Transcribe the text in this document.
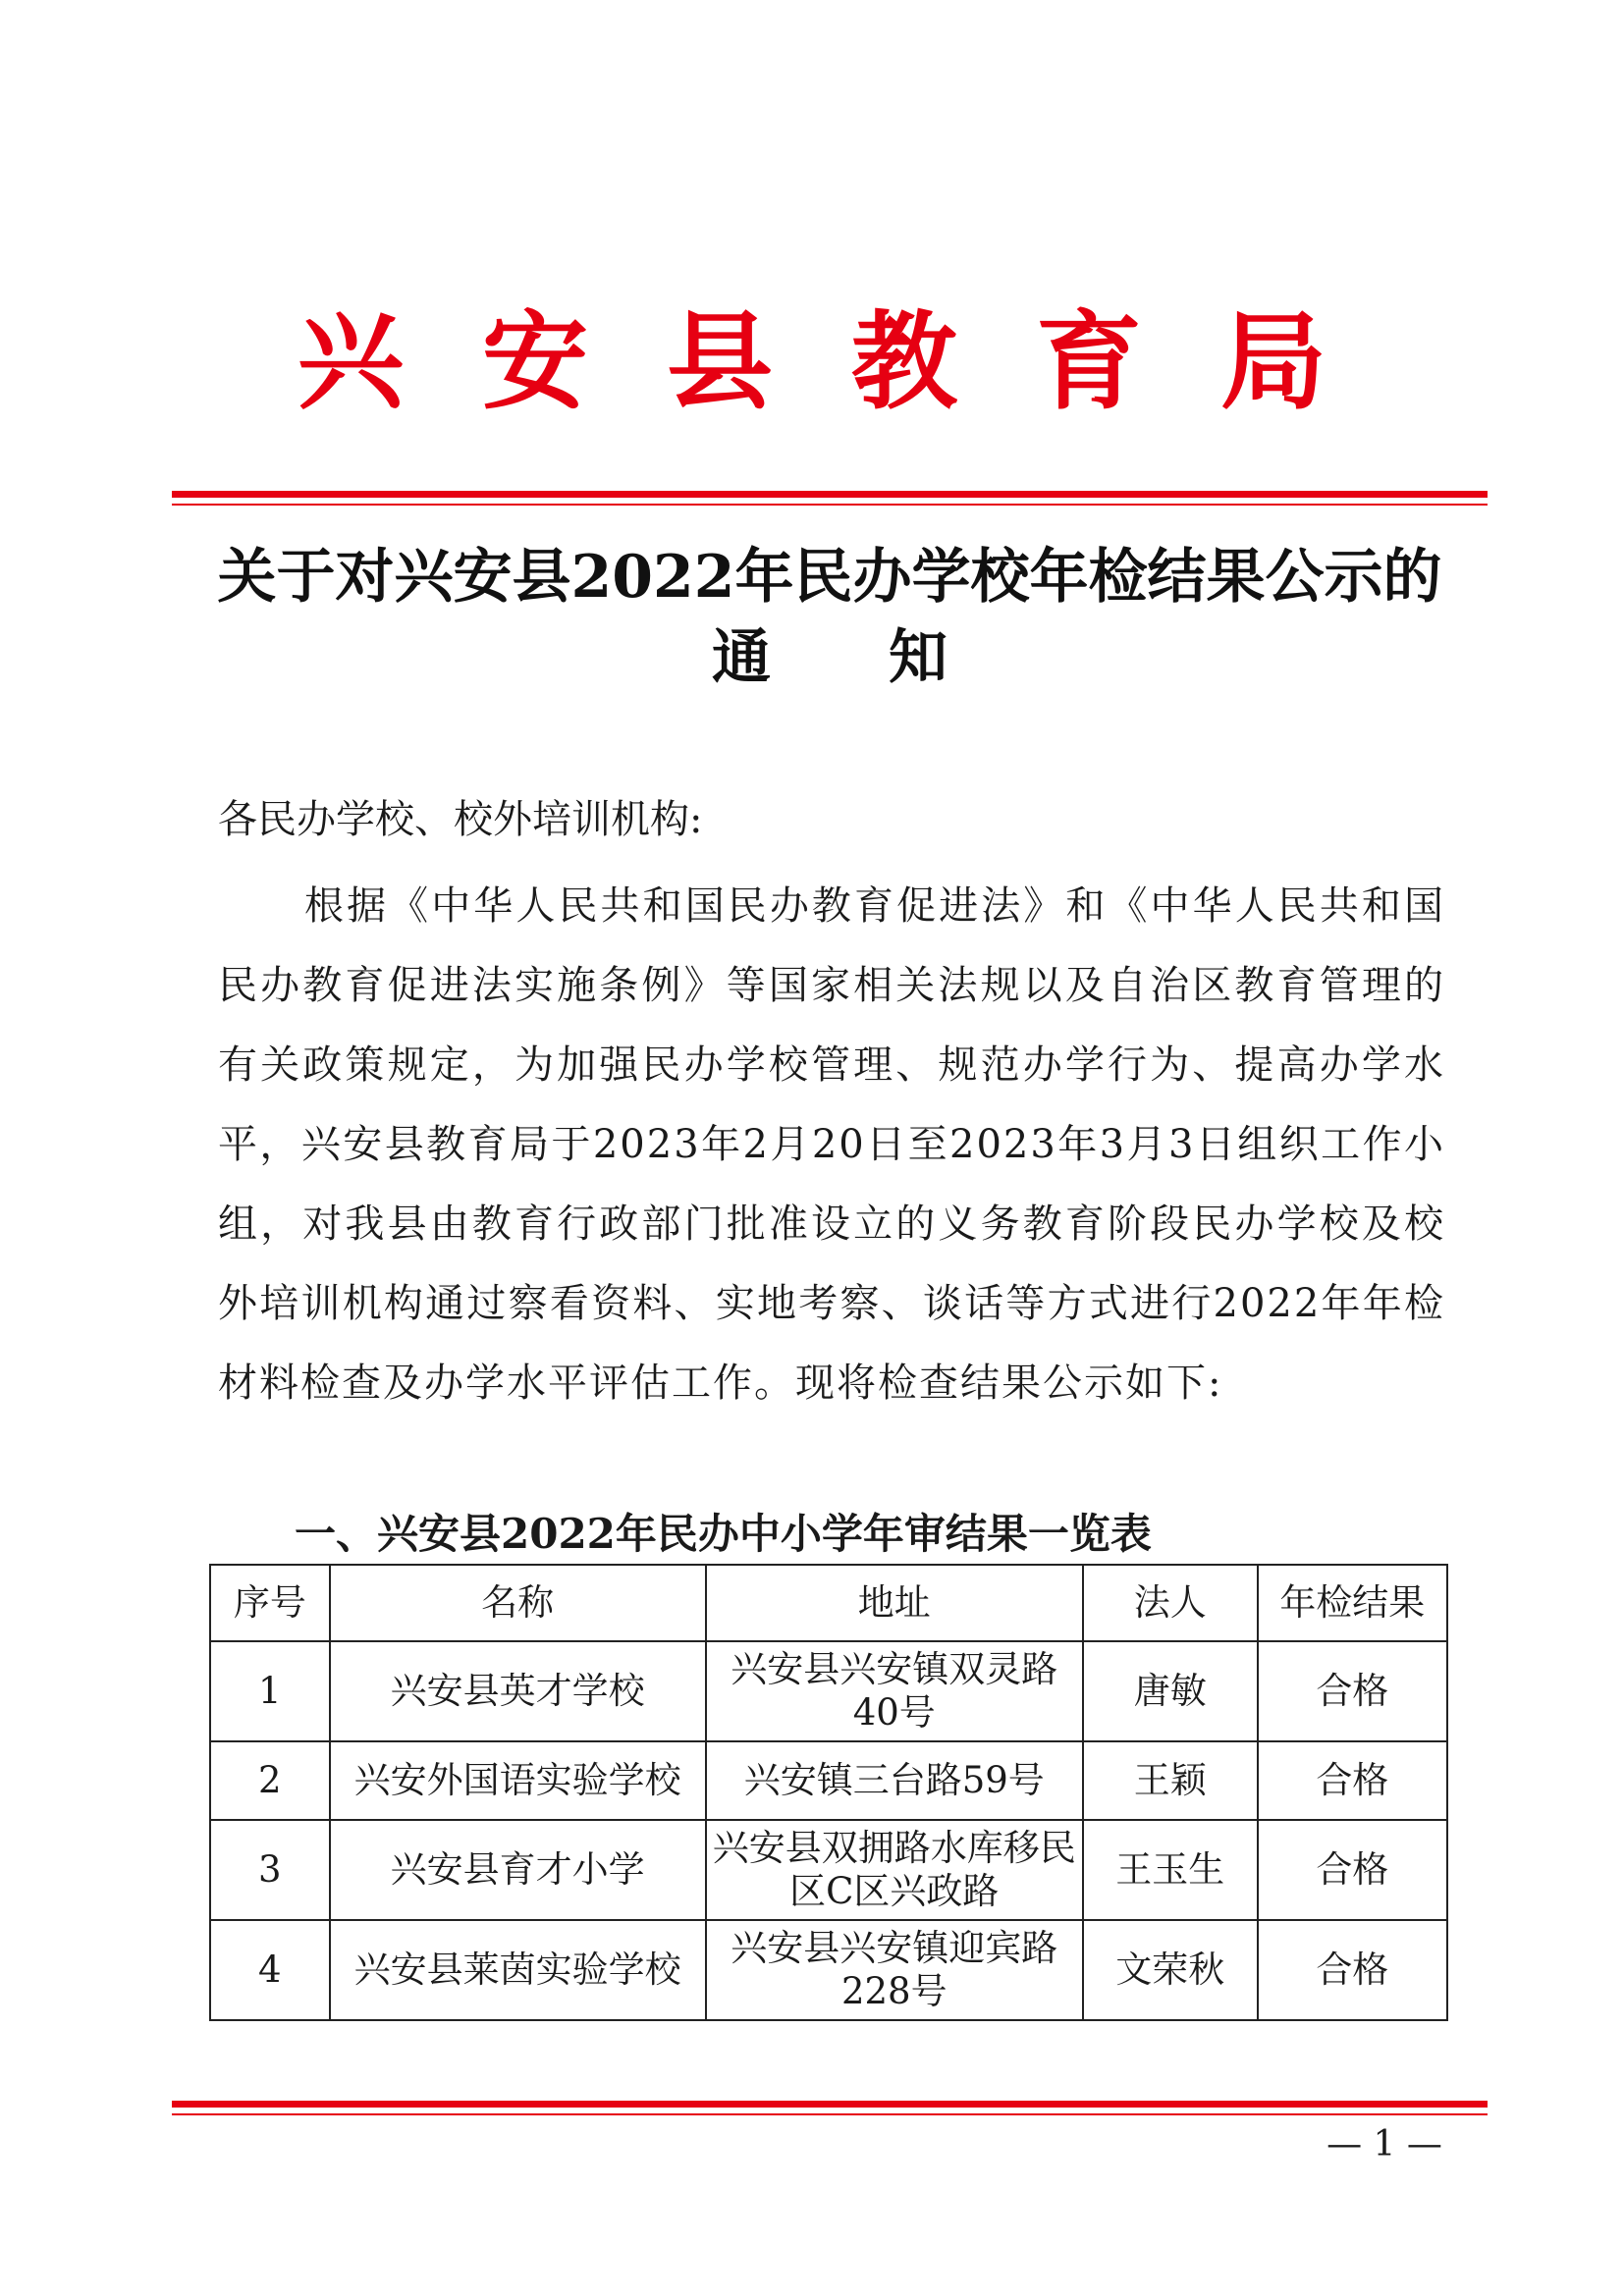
兴安县教育局
关于对兴安县2022年民办学校年检结果公示的
通知
各民办学校、校外培训机构:
根据《中华人民共和国民办教育促进法》和《中华人民共和国民办教育促进法实施条例》等国家相关法规以及自治区教育管理的有关政策规定，为加强民办学校管理、规范办学行为、提高办学水平，兴安县教育局于2023年2月20日至2023年3月3日组织工作小组，对我县由教育行政部门批准设立的义务教育阶段民办学校及校外培训机构通过察看资料、实地考察、谈话等方式进行2022年年检材料检查及办学水平评估工作。现将检查结果公示如下:
一、兴安县2022年民办中小学年审结果一览表
序号	名称	地址	法人	年检结果
1	兴安县英才学校	兴安县兴安镇双灵路40号	唐敏	合格
2	兴安外国语实验学校	兴安镇三台路59号	王颖	合格
3	兴安县育才小学	兴安县双拥路水库移民区C区兴政路	王玉生	合格
4	兴安县莱茵实验学校	兴安县兴安镇迎宾路228号	文荣秋	合格
— 1 —
